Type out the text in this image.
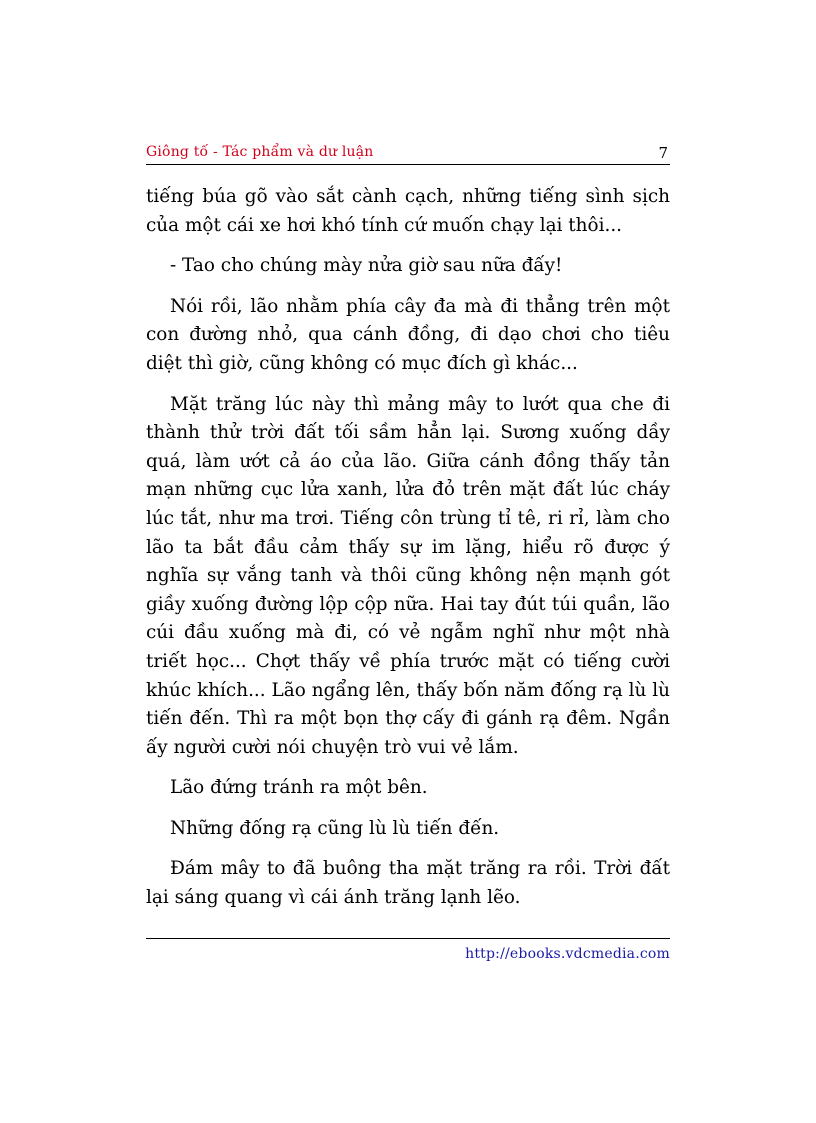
Giông tố - Tác phẩm và dư luận	7

tiếng búa gõ vào sắt cành cạch, những tiếng sình sịch của một cái xe hơi khó tính cứ muốn chạy lại thôi...

- Tao cho chúng mày nửa giờ sau nữa đấy!

Nói rồi, lão nhằm phía cây đa mà đi thẳng trên một con đường nhỏ, qua cánh đồng, đi dạo chơi cho tiêu diệt thì giờ, cũng không có mục đích gì khác...

Mặt trăng lúc này thì mảng mây to lướt qua che đi thành thử trời đất tối sầm hẳn lại. Sương xuống dầy quá, làm ướt cả áo của lão. Giữa cánh đồng thấy tản mạn những cục lửa xanh, lửa đỏ trên mặt đất lúc cháy lúc tắt, như ma trơi. Tiếng côn trùng tỉ tê, ri rỉ, làm cho lão ta bắt đầu cảm thấy sự im lặng, hiểu rõ được ý nghĩa sự vắng tanh và thôi cũng không nện mạnh gót giầy xuống đường lộp cộp nữa. Hai tay đút túi quần, lão cúi đầu xuống mà đi, có vẻ ngẫm nghĩ như một nhà triết học... Chợt thấy về phía trước mặt có tiếng cười khúc khích... Lão ngẩng lên, thấy bốn năm đống rạ lù lù tiến đến. Thì ra một bọn thợ cấy đi gánh rạ đêm. Ngần ấy người cười nói chuyện trò vui vẻ lắm.

Lão đứng tránh ra một bên.

Những đống rạ cũng lù lù tiến đến.

Đám mây to đã buông tha mặt trăng ra rồi. Trời đất lại sáng quang vì cái ánh trăng lạnh lẽo.

http://ebooks.vdcmedia.com
